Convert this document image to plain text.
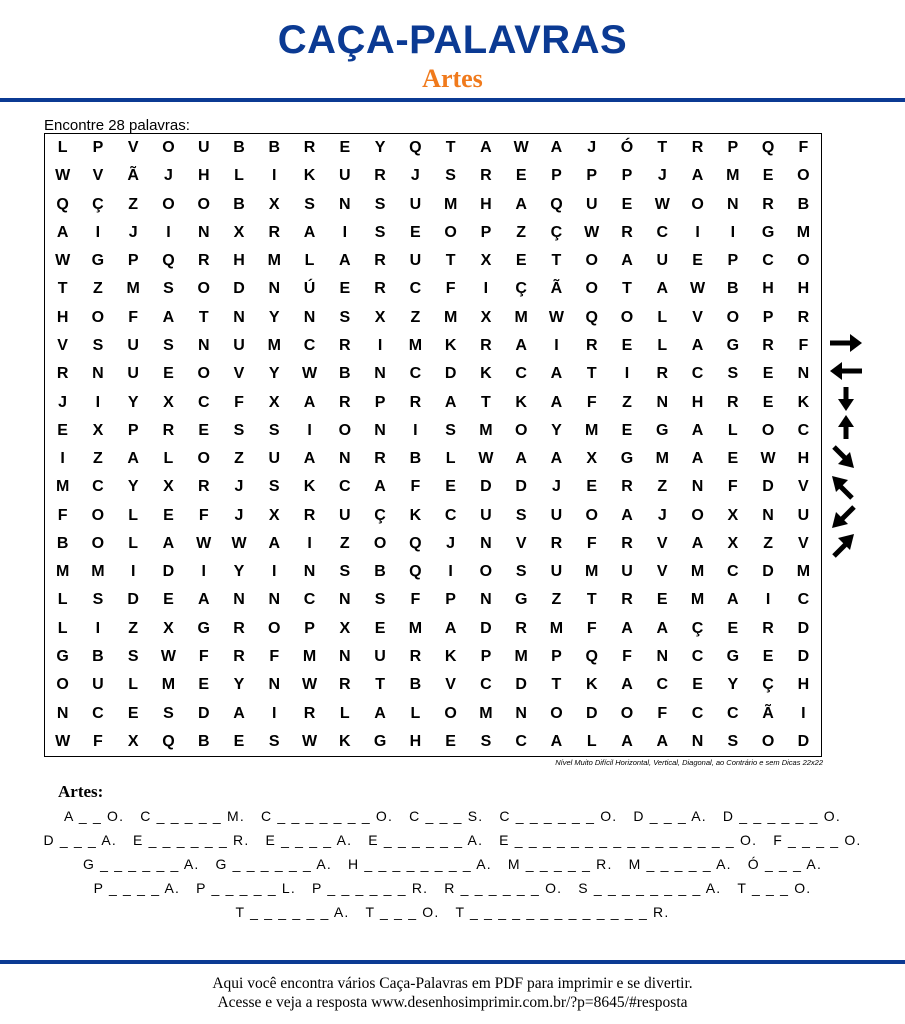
CAÇA-PALAVRAS
Artes
Encontre 28 palavras:
L	P	V	O	U	B	B	R	E	Y	Q	T	A	W	A	J	Ó	T	R	P	Q	F
W	V	Ã	J	H	L	I	K	U	R	J	S	R	E	P	P	P	J	A	M	E	O
Q	Ç	Z	O	O	B	X	S	N	S	U	M	H	A	Q	U	E	W	O	N	R	B
A	I	J	I	N	X	R	A	I	S	E	O	P	Z	Ç	W	R	C	I	I	G	M
W	G	P	Q	R	H	M	L	A	R	U	T	X	E	T	O	A	U	E	P	C	O
T	Z	M	S	O	D	N	Ú	E	R	C	F	I	Ç	Ã	O	T	A	W	B	H	H
H	O	F	A	T	N	Y	N	S	X	Z	M	X	M	W	Q	O	L	V	O	P	R
V	S	U	S	N	U	M	C	R	I	M	K	R	A	I	R	E	L	A	G	R	F
R	N	U	E	O	V	Y	W	B	N	C	D	K	C	A	T	I	R	C	S	E	N
J	I	Y	X	C	F	X	A	R	P	R	A	T	K	A	F	Z	N	H	R	E	K
E	X	P	R	E	S	S	I	O	N	I	S	M	O	Y	M	E	G	A	L	O	C
I	Z	A	L	O	Z	U	A	N	R	B	L	W	A	A	X	G	M	A	E	W	H
M	C	Y	X	R	J	S	K	C	A	F	E	D	D	J	E	R	Z	N	F	D	V
F	O	L	E	F	J	X	R	U	Ç	K	C	U	S	U	O	A	J	O	X	N	U
B	O	L	A	W	W	A	I	Z	O	Q	J	N	V	R	F	R	V	A	X	Z	V
M	M	I	D	I	Y	I	N	S	B	Q	I	O	S	U	M	U	V	M	C	D	M
L	S	D	E	A	N	N	C	N	S	F	P	N	G	Z	T	R	E	M	A	I	C
L	I	Z	X	G	R	O	P	X	E	M	A	D	R	M	F	A	A	Ç	E	R	D
G	B	S	W	F	R	F	M	N	U	R	K	P	M	P	Q	F	N	C	G	E	D
O	U	L	M	E	Y	N	W	R	T	B	V	C	D	T	K	A	C	E	Y	Ç	H
N	C	E	S	D	A	I	R	L	A	L	O	M	N	O	D	O	F	C	C	Ã	I
W	F	X	Q	B	E	S	W	K	G	H	E	S	C	A	L	A	A	N	S	O	D
Nível Muito Difícil Horizontal, Vertical, Diagonal, ao Contrário e sem Dicas 22x22
Artes:
A _ _ O. C _ _ _ _ _ M. C _ _ _ _ _ _ _ O. C _ _ _ S. C _ _ _ _ _ _ O. D _ _ _ A. D _ _ _ _ _ _ O.
D _ _ _ A. E _ _ _ _ _ _ R. E _ _ _ _ A. E _ _ _ _ _ _ A. E _ _ _ _ _ _ _ _ _ _ _ _ _ _ _ _ O. F _ _ _ _ O.
G _ _ _ _ _ _ A. G _ _ _ _ _ _ A. H _ _ _ _ _ _ _ _ A. M _ _ _ _ _ R. M _ _ _ _ _ A. Ó _ _ _ A.
P _ _ _ _ A. P _ _ _ _ _ L. P _ _ _ _ _ _ R. R _ _ _ _ _ _ O. S _ _ _ _ _ _ _ _ A. T _ _ _ O.
T _ _ _ _ _ _ A. T _ _ _ O. T _ _ _ _ _ _ _ _ _ _ _ _ _ R.
Aqui você encontra vários Caça-Palavras em PDF para imprimir e se divertir.
Acesse e veja a resposta www.desenhosimprimir.com.br/?p=8645/#resposta
